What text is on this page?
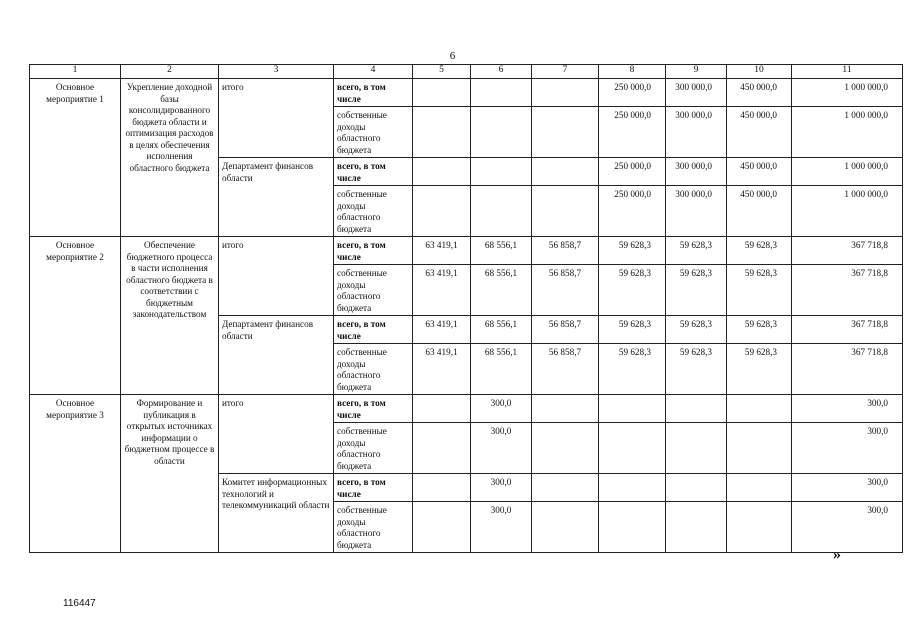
6
1	2	3	4	5	6	7	8	9	10	11
Основное мероприятие 1	Укрепление доходной базы консолидированного бюджета области и оптимизация расходов в целях обеспечения исполнения областного бюджета	итого	всего, в том числе				250 000,0	300 000,0	450 000,0	1 000 000,0
			собственные доходы областного бюджета				250 000,0	300 000,0	450 000,0	1 000 000,0
		Департамент финансов области	всего, в том числе				250 000,0	300 000,0	450 000,0	1 000 000,0
			собственные доходы областного бюджета				250 000,0	300 000,0	450 000,0	1 000 000,0
Основное мероприятие 2	Обеспечение бюджетного процесса в части исполнения областного бюджета в соответствии с бюджетным законодательством	итого	всего, в том числе	63 419,1	68 556,1	56 858,7	59 628,3	59 628,3	59 628,3	367 718,8
			собственные доходы областного бюджета	63 419,1	68 556,1	56 858,7	59 628,3	59 628,3	59 628,3	367 718,8
		Департамент финансов области	всего, в том числе	63 419,1	68 556,1	56 858,7	59 628,3	59 628,3	59 628,3	367 718,8
			собственные доходы областного бюджета	63 419,1	68 556,1	56 858,7	59 628,3	59 628,3	59 628,3	367 718,8
Основное мероприятие 3	Формирование и публикация в открытых источниках информации о бюджетном процессе в области	итого	всего, в том числе		300,0					300,0
			собственные доходы областного бюджета		300,0					300,0
		Комитет информационных технологий и телекоммуникаций области	всего, в том числе		300,0					300,0
			собственные доходы областного бюджета		300,0					300,0
»
116447
